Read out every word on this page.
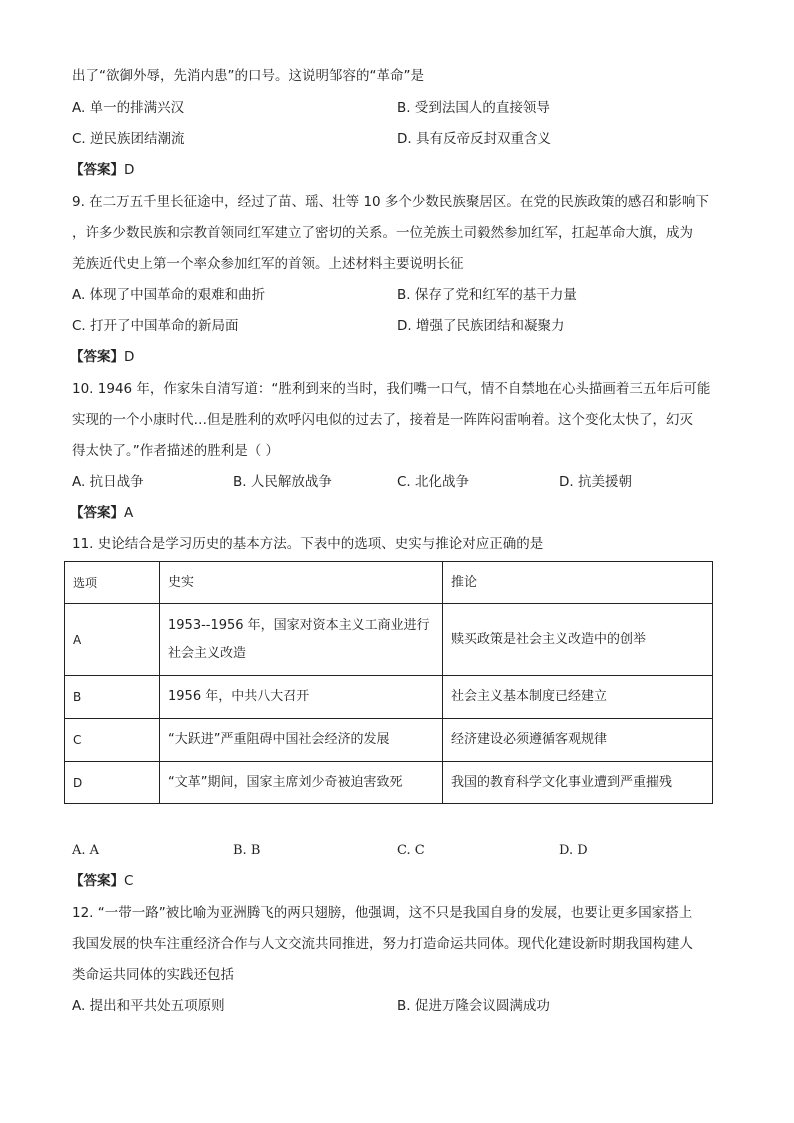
出了“欲御外辱，先消内患”的口号。这说明邹容的“革命”是
A. 单一的排满兴汉	B. 受到法国人的直接领导
C. 逆民族团结潮流	D. 具有反帝反封双重含义
【答案】D
9. 在二万五千里长征途中，经过了苗、瑶、壮等 10 多个少数民族聚居区。在党的民族政策的感召和影响下
，许多少数民族和宗教首领同红军建立了密切的关系。一位羌族土司毅然参加红军，扛起革命大旗，成为
羌族近代史上第一个率众参加红军的首领。上述材料主要说明长征
A. 体现了中国革命的艰难和曲折	B. 保存了党和红军的基干力量
C. 打开了中国革命的新局面	D. 增强了民族团结和凝聚力
【答案】D
10. 1946 年，作家朱自清写道：“胜利到来的当时，我们嘴一口气，情不自禁地在心头描画着三五年后可能
实现的一个小康时代…但是胜利的欢呼闪电似的过去了，接着是一阵阵闷雷响着。这个变化太快了，幻灭
得太快了。”作者描述的胜利是（ ）
A. 抗日战争	B. 人民解放战争	C. 北化战争	D. 抗美援朝
【答案】A
11. 史论结合是学习历史的基本方法。下表中的选项、史实与推论对应正确的是
选项	史实	推论
A	1953--1956 年，国家对资本主义工商业进行社会主义改造	赎买政策是社会主义改造中的创举
B	1956 年，中共八大召开	社会主义基本制度已经建立
C	“大跃进”严重阻碍中国社会经济的发展	经济建设必须遵循客观规律
D	“文革”期间，国家主席刘少奇被迫害致死	我国的教育科学文化事业遭到严重摧残
A. A	B. B	C. C	D. D
【答案】C
12. “一带一路”被比喻为亚洲腾飞的两只翅膀，他强调，这不只是我国自身的发展，也要让更多国家搭上
我国发展的快车注重经济合作与人文交流共同推进，努力打造命运共同体。现代化建设新时期我国构建人
类命运共同体的实践还包括
A. 提出和平共处五项原则	B. 促进万隆会议圆满成功
